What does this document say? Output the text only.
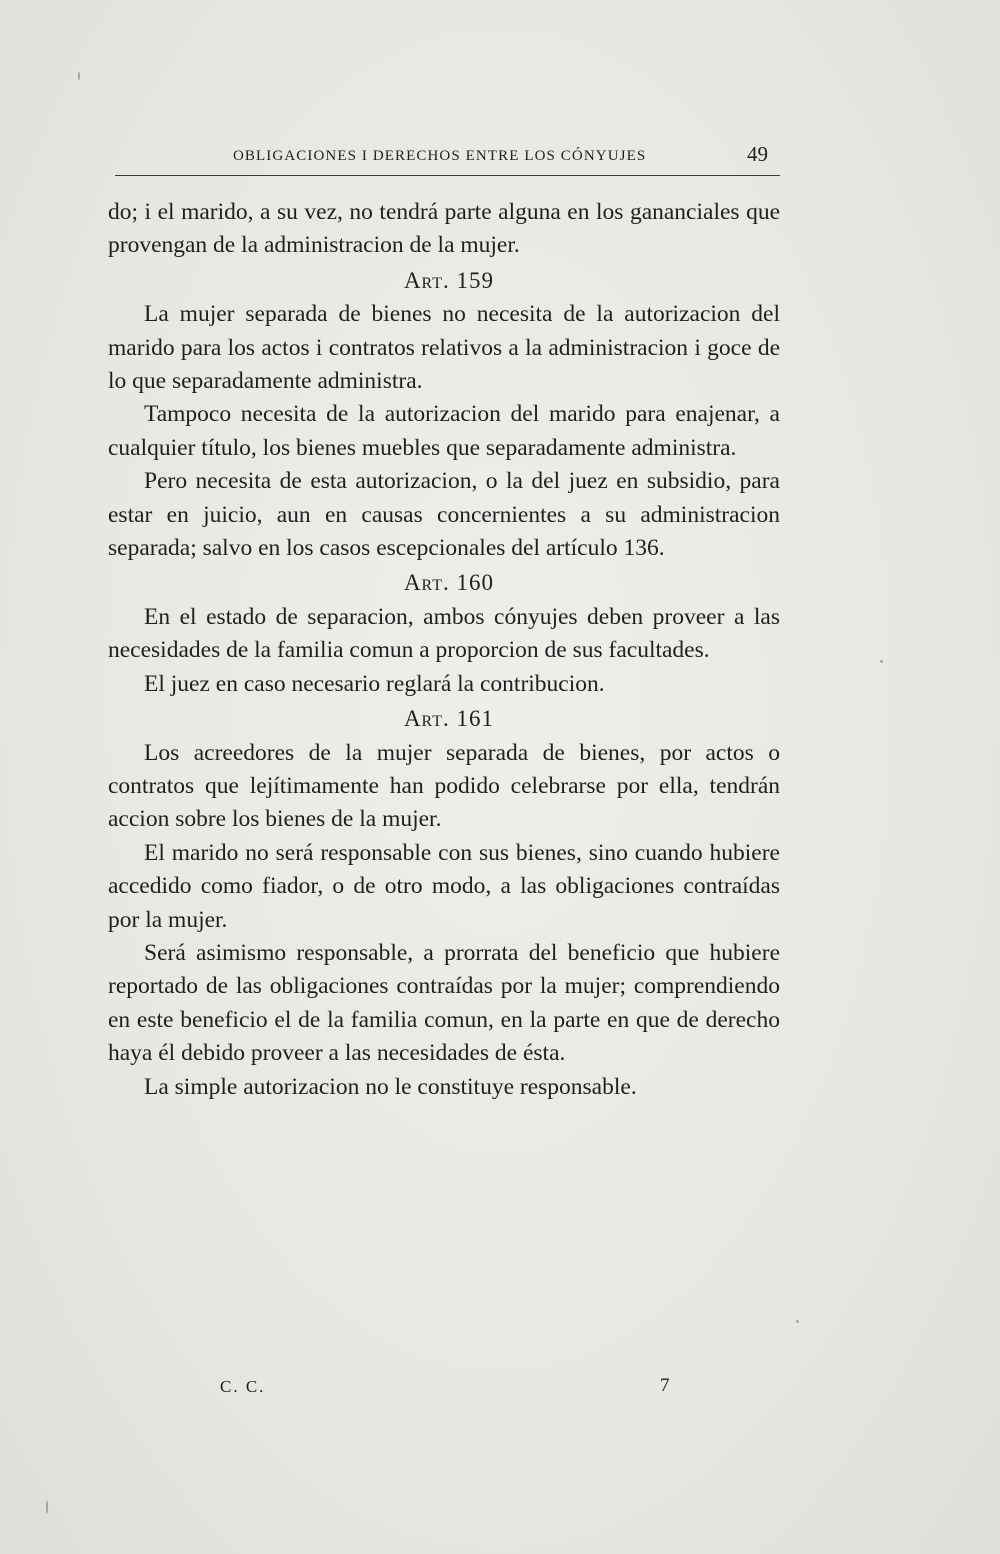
OBLIGACIONES I DERECHOS ENTRE LOS CÓNYUJES	49

do; i el marido, a su vez, no tendrá parte alguna en los gananciales que provengan de la administracion de la mujer.

Art. 159

La mujer separada de bienes no necesita de la autorizacion del marido para los actos i contratos relativos a la administracion i goce de lo que separadamente administra.

Tampoco necesita de la autorizacion del marido para enajenar, a cualquier título, los bienes muebles que separadamente administra.

Pero necesita de esta autorizacion, o la del juez en subsidio, para estar en juicio, aun en causas concernientes a su administracion separada; salvo en los casos escepcionales del artículo 136.

Art. 160

En el estado de separacion, ambos cónyujes deben proveer a las necesidades de la familia comun a proporcion de sus facultades.

El juez en caso necesario reglará la contribucion.

Art. 161

Los acreedores de la mujer separada de bienes, por actos o contratos que lejítimamente han podido celebrarse por ella, tendrán accion sobre los bienes de la mujer.

El marido no será responsable con sus bienes, sino cuando hubiere accedido como fiador, o de otro modo, a las obligaciones contraídas por la mujer.

Será asimismo responsable, a prorrata del beneficio que hubiere reportado de las obligaciones contraídas por la mujer; comprendiendo en este beneficio el de la familia comun, en la parte en que de derecho haya él debido proveer a las necesidades de ésta.

La simple autorizacion no le constituye responsable.

C. C.	7
